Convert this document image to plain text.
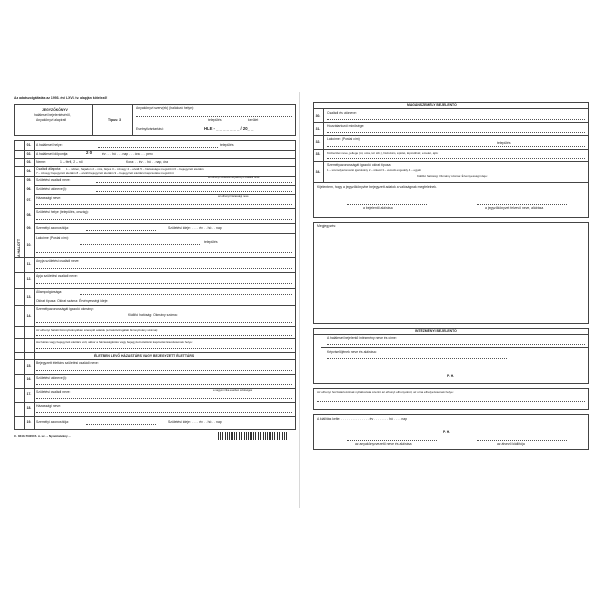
Az adatszolgáltatás az 1993. évi LXVI. tv. alapján kötelező!
JEGYZŐKÖNYV
haláleset bejelentéséről,
Anyakönyvi alapirat!	Típus: 3
Anyakönyvi szerv(ek) (halálozó helye):
kerület
település
Esetnyilvántartási:	HLE - _ _ _ _ _ _ _ / 20_ _
A HALOTT
01.	A haláleset helye:	település
02.	A haláleset időpontja:	2 0	év . . . hó . . . nap . . . óra . . . perc
03.	Neme:	1 – férfi, 2 – nő	Kora: . . év . . hó . . nap, óra
04.	Családi állapota: 1 – nőtlen, hajadon 2 – nős, férjes 3 – özvegy 4 – elvált 5 – házassága megszűnt 6 – bejegyzett élettárs
7 – özvegy bejegyzett élettárs 8 – elvált bejegyzett élettárs 9 – bejegyzett élettársi kapcsolata megszűnt
05.	Születési családi neve:
az elhunyt születési anyakönyvi családi neve
06.	Születési utóneve(i):
07.	Házassági neve:	az elhunyt házassági neve
08.
Születési helye (település, ország):
09.	Személyi azonosítója:	Születési ideje: . . . . év . . hó . . nap
10.
Lakcíme (Postai cím):
település
11.
Anyja születési családi neve:
12.
Apja születési családi neve:
13.
Állampolgársága:
Okirat típusa: Okirat száma: Érvényességi ideje:
14.
Személyazonosságát igazoló okmány:
Kiállító hatóság: Okmány száma:
Az elhunyt halotti bizonyítványában szereplő adatok (a halottvizsgálati bizonyítvány száma):
Ha házas vagy bejegyzett élettárs volt, akkor a házasságkötés vagy bejegyzett élettársi kapcsolat létesítésének helye:
ÉLETBEN LEVŐ HÁZASTÁRS VAGY BEJEGYZETT ÉLETTÁRS
15.
Bejegyzett élettárs születési családi neve:
16.	Születési utóneve(i):
17.	Születési családi neve:	a nagyon ritka esetben szükséges
18.	Házassági neve:
19.	Személyi azonosítója:	Születési ideje: . . . . év . . hó . . nap
C. 0243-70/2015. ü. sz. – Nyomtatvány ...
MAGÁNSZEMÉLY BEJELENTŐ
30.
Családi és utóneve:
31.
Hozzátartozói minősége:
32.
Lakcíme: (Postai cím)
település
33.	Közterület neve, jellege (út, utca, tér stb.), házszám, épület, lépcsőház, emelet, ajtó:
34.
Személyazonosságát igazoló okirat típusa:
1 – személyazonosító igazolvány 2 – útlevél 3 – vezetői engedély 4 – egyéb
Kiállító hatóság: Okmány száma: Érvényességi ideje:
Kijelentem, hogy a jegyzőkönyvbe bejegyzett adatok a valóságnak megfelelnek.
a bejelentő aláírása	a jegyzőkönyvet felvevő neve, aláírása
Megjegyzés:
INTÉZMÉNYI BEJELENTŐ
A haláleset bejelentő intézmény neve és címe:
Képviselőjének neve és aláírása:
P. H.
Az elhunyt hozzátartozóinak nyilatkozata szerint az elhunyt elhunyváról, az urna elhelyezésének helye:
A kiállítás kelte: . . . . . . . . . . . . . . . év . . . . . . . . hó . . . . nap
P. H.
az anyakönyvvezető neve és aláírása	az átvevő kiállítója
